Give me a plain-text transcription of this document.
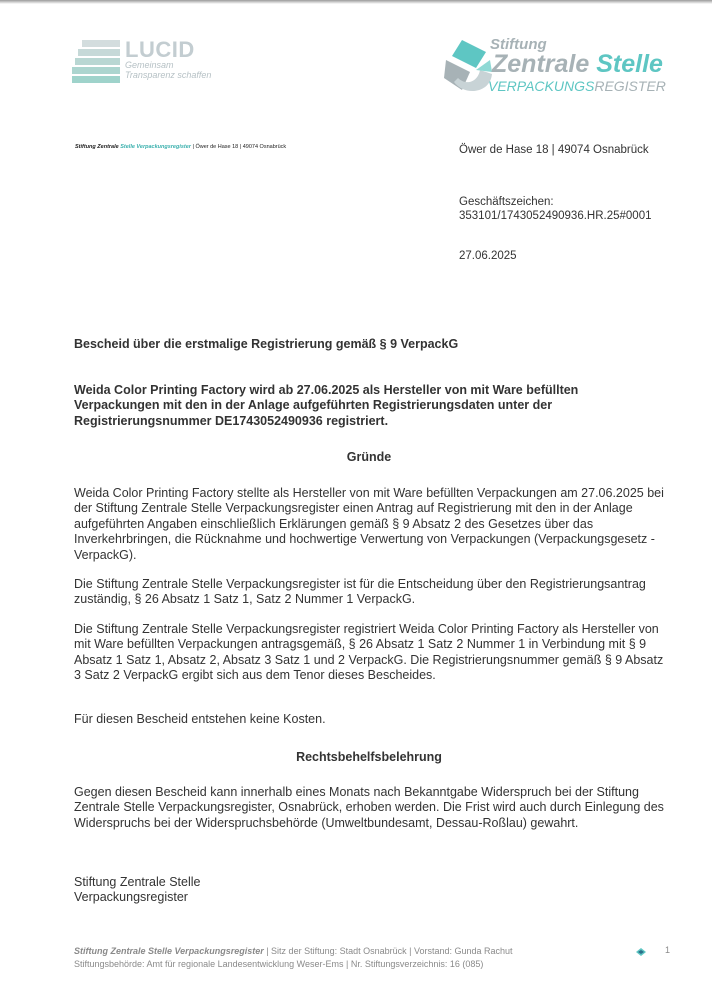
LUCID
Gemeinsam
Transparenz schaffen
Stiftung
Zentrale Stelle
VERPACKUNGSREGISTER
Stiftung Zentrale Stelle Verpackungsregister | Öwer de Hase 18 | 49074 Osnabrück	Öwer de Hase 18 | 49074 Osnabrück
Geschäftszeichen:
353101/1743052490936.HR.25#0001
27.06.2025
Bescheid über die erstmalige Registrierung gemäß § 9 VerpackG
Weida Color Printing Factory wird ab 27.06.2025 als Hersteller von mit Ware befüllten Verpackungen mit den in der Anlage aufgeführten Registrierungsdaten unter der Registrierungsnummer DE1743052490936 registriert.
Gründe
Weida Color Printing Factory stellte als Hersteller von mit Ware befüllten Verpackungen am 27.06.2025 bei der Stiftung Zentrale Stelle Verpackungsregister einen Antrag auf Registrierung mit den in der Anlage aufgeführten Angaben einschließlich Erklärungen gemäß § 9 Absatz 2 des Gesetzes über das Inverkehrbringen, die Rücknahme und hochwertige Verwertung von Verpackungen (Verpackungsgesetz - VerpackG).
Die Stiftung Zentrale Stelle Verpackungsregister ist für die Entscheidung über den Registrierungsantrag zuständig, § 26 Absatz 1 Satz 1, Satz 2 Nummer 1 VerpackG.
Die Stiftung Zentrale Stelle Verpackungsregister registriert Weida Color Printing Factory als Hersteller von mit Ware befüllten Verpackungen antragsgemäß, § 26 Absatz 1 Satz 2 Nummer 1 in Verbindung mit § 9 Absatz 1 Satz 1, Absatz 2, Absatz 3 Satz 1 und 2 VerpackG. Die Registrierungsnummer gemäß § 9 Absatz 3 Satz 2 VerpackG ergibt sich aus dem Tenor dieses Bescheides.
Für diesen Bescheid entstehen keine Kosten.
Rechtsbehelfsbelehrung
Gegen diesen Bescheid kann innerhalb eines Monats nach Bekanntgabe Widerspruch bei der Stiftung Zentrale Stelle Verpackungsregister, Osnabrück, erhoben werden. Die Frist wird auch durch Einlegung des Widerspruchs bei der Widerspruchsbehörde (Umweltbundesamt, Dessau-Roßlau) gewahrt.
Stiftung Zentrale Stelle
Verpackungsregister
Stiftung Zentrale Stelle Verpackungsregister | Sitz der Stiftung: Stadt Osnabrück | Vorstand: Gunda Rachut
Stiftungsbehörde: Amt für regionale Landesentwicklung Weser-Ems | Nr. Stiftungsverzeichnis: 16 (085)
1
